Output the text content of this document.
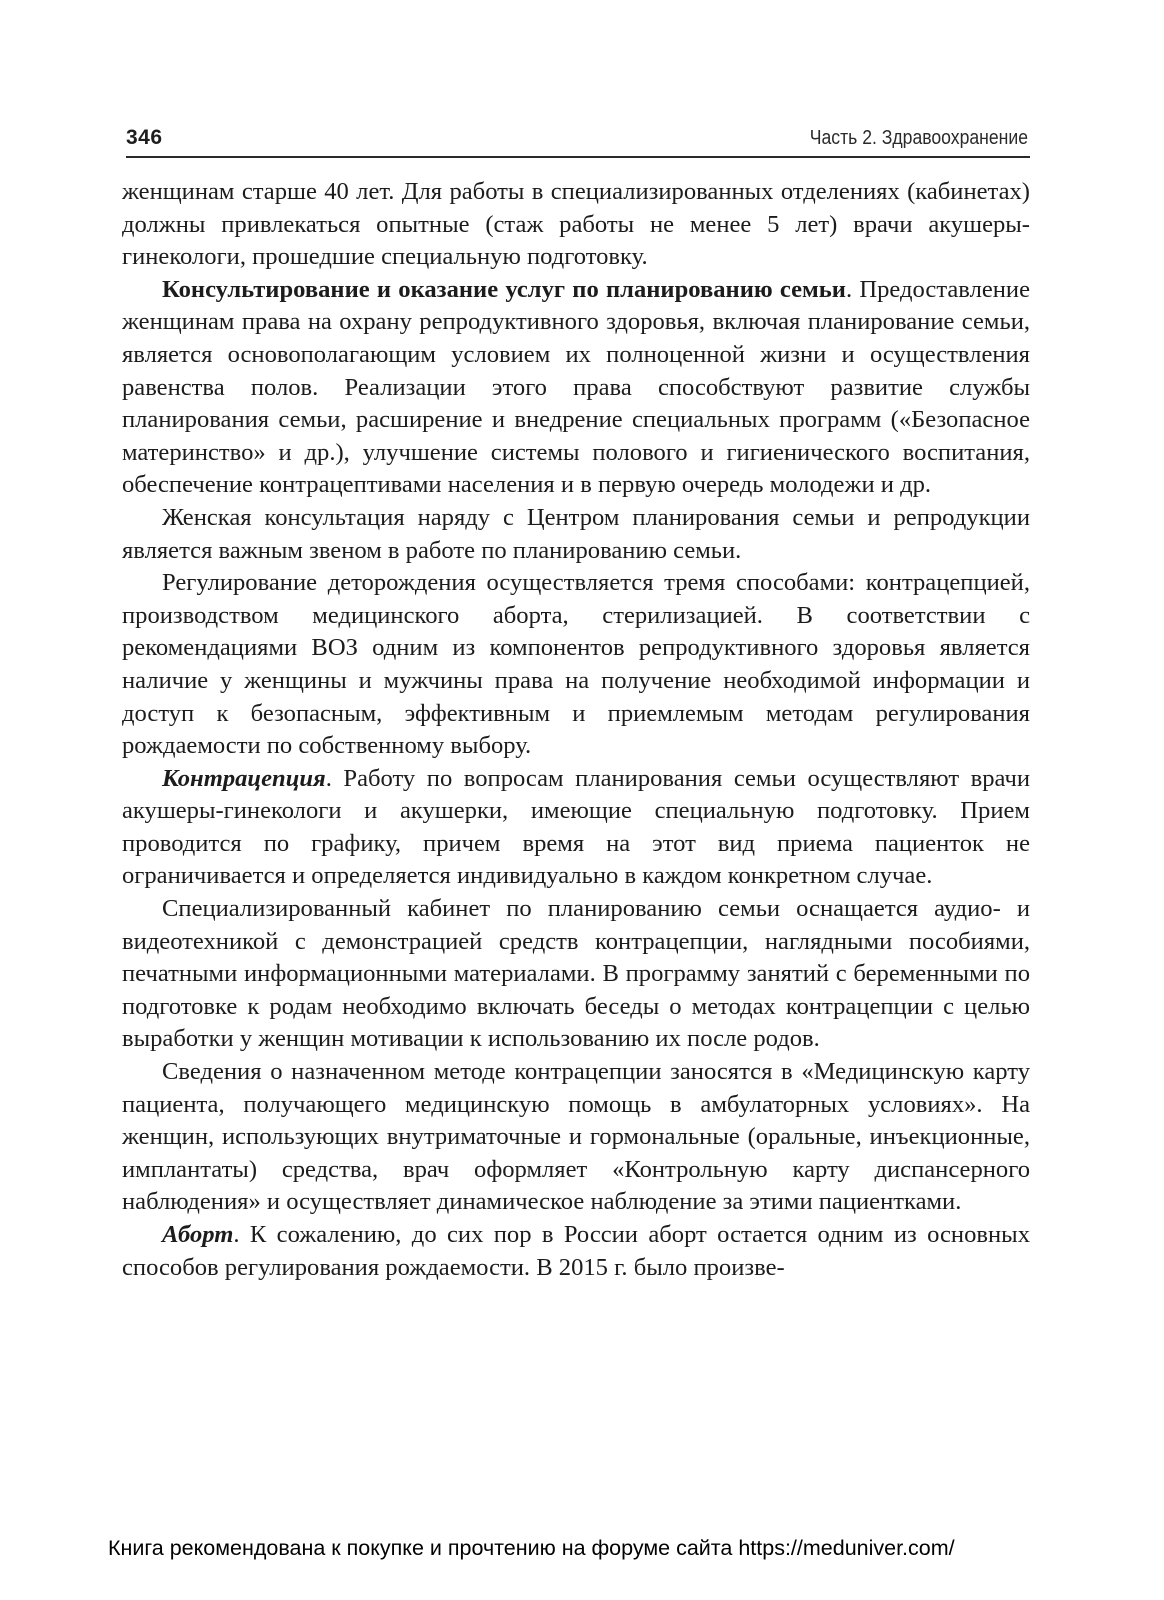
346	Часть 2. Здравоохранение

женщинам старше 40 лет. Для работы в специализированных отделениях (кабинетах) должны привлекаться опытные (стаж работы не менее 5 лет) врачи акушеры-гинекологи, прошедшие специальную подготовку.

Консультирование и оказание услуг по планированию семьи. Предоставление женщинам права на охрану репродуктивного здоровья, включая планирование семьи, является основополагающим условием их полноценной жизни и осуществления равенства полов. Реализации этого права способствуют развитие службы планирования семьи, расширение и внедрение специальных программ («Безопасное материнство» и др.), улучшение системы полового и гигиенического воспитания, обеспечение контрацептивами населения и в первую очередь молодежи и др.

Женская консультация наряду с Центром планирования семьи и репродукции является важным звеном в работе по планированию семьи.

Регулирование деторождения осуществляется тремя способами: контрацепцией, производством медицинского аборта, стерилизацией. В соответствии с рекомендациями ВОЗ одним из компонентов репродуктивного здоровья является наличие у женщины и мужчины права на получение необходимой информации и доступ к безопасным, эффективным и приемлемым методам регулирования рождаемости по собственному выбору.

Контрацепция. Работу по вопросам планирования семьи осуществляют врачи акушеры-гинекологи и акушерки, имеющие специальную подготовку. Прием проводится по графику, причем время на этот вид приема пациенток не ограничивается и определяется индивидуально в каждом конкретном случае.

Специализированный кабинет по планированию семьи оснащается аудио- и видеотехникой с демонстрацией средств контрацепции, наглядными пособиями, печатными информационными материалами. В программу занятий с беременными по подготовке к родам необходимо включать беседы о методах контрацепции с целью выработки у женщин мотивации к использованию их после родов.

Сведения о назначенном методе контрацепции заносятся в «Медицинскую карту пациента, получающего медицинскую помощь в амбулаторных условиях». На женщин, использующих внутриматочные и гормональные (оральные, инъекционные, имплантаты) средства, врач оформляет «Контрольную карту диспансерного наблюдения» и осуществляет динамическое наблюдение за этими пациентками.

Аборт. К сожалению, до сих пор в России аборт остается одним из основных способов регулирования рождаемости. В 2015 г. было произве-

Книга рекомендована к покупке и прочтению на форуме сайта https://meduniver.com/
